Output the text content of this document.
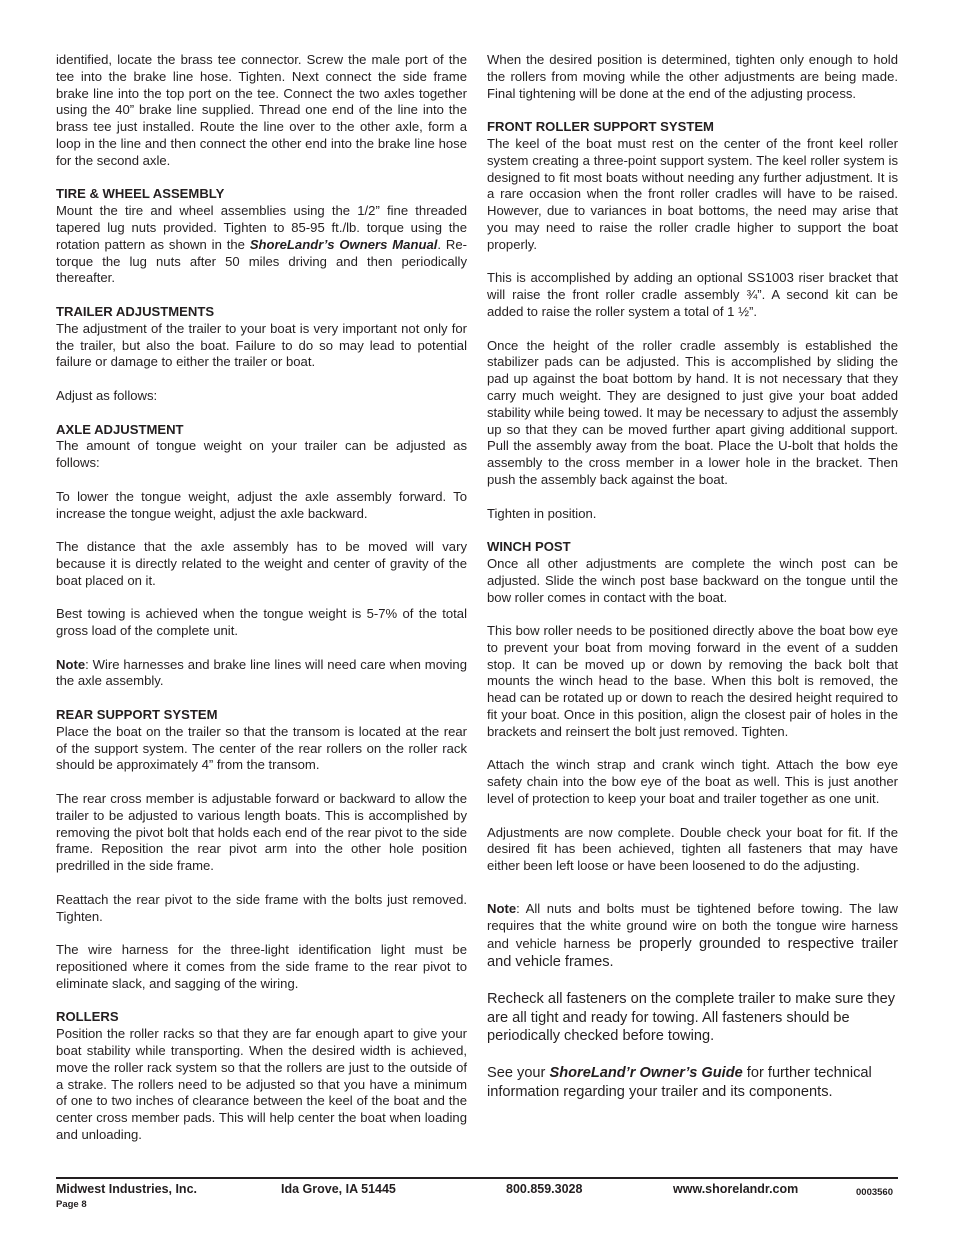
identified, locate the brass tee connector. Screw the male port of the tee into the brake line hose. Tighten. Next connect the side frame brake line into the top port on the tee. Connect the two axles together using the 40” brake line supplied. Thread one end of the line into the brass tee just installed. Route the line over to the other axle, form a loop in the line and then connect the other end into the brake line hose for the second axle.

TIRE & WHEEL ASSEMBLY

Mount the tire and wheel assemblies using the 1/2” fine threaded tapered lug nuts provided. Tighten to 85-95 ft./lb. torque using the rotation pattern as shown in the ShoreLandr’s Owners Manual. Re-torque the lug nuts after 50 miles driving and then periodically thereafter.

TRAILER ADJUSTMENTS

The adjustment of the trailer to your boat is very important not only for the trailer, but also the boat. Failure to do so may lead to potential failure or damage to either the trailer or boat.

Adjust as follows:

AXLE ADJUSTMENT

The amount of tongue weight on your trailer can be adjusted as follows:

To lower the tongue weight, adjust the axle assembly forward. To increase the tongue weight, adjust the axle backward.

The distance that the axle assembly has to be moved will vary because it is directly related to the weight and center of gravity of the boat placed on it.

Best towing is achieved when the tongue weight is 5-7% of the total gross load of the complete unit.

Note: Wire harnesses and brake line lines will need care when moving the axle assembly.

REAR SUPPORT SYSTEM

Place the boat on the trailer so that the transom is located at the rear of the support system. The center of the rear rollers on the roller rack should be approximately 4” from the transom.

The rear cross member is adjustable forward or backward to allow the trailer to be adjusted to various length boats. This is accomplished by removing the pivot bolt that holds each end of the rear pivot to the side frame. Reposition the rear pivot arm into the other hole position predrilled in the side frame.

Reattach the rear pivot to the side frame with the bolts just removed. Tighten.

The wire harness for the three-light identification light must be repositioned where it comes from the side frame to the rear pivot to eliminate slack, and sagging of the wiring.

ROLLERS

Position the roller racks so that they are far enough apart to give your boat stability while transporting. When the desired width is achieved, move the roller rack system so that the rollers are just to the outside of a strake. The rollers need to be adjusted so that you have a minimum of one to two inches of clearance between the keel of the boat and the center cross member pads. This will help center the boat when loading and unloading.

When the desired position is determined, tighten only enough to hold the rollers from moving while the other adjustments are being made. Final tightening will be done at the end of the adjusting process.

FRONT ROLLER SUPPORT SYSTEM

The keel of the boat must rest on the center of the front keel roller system creating a three-point support system. The keel roller system is designed to fit most boats without needing any further adjustment. It is a rare occasion when the front roller cradles will have to be raised. However, due to variances in boat bottoms, the need may arise that you may need to raise the roller cradle higher to support the boat properly.

This is accomplished by adding an optional SS1003 riser bracket that will raise the front roller cradle assembly ¾”. A second kit can be added to raise the roller system a total of 1 ½”.

Once the height of the roller cradle assembly is established the stabilizer pads can be adjusted. This is accomplished by sliding the pad up against the boat bottom by hand. It is not necessary that they carry much weight. They are designed to just give your boat added stability while being towed. It may be necessary to adjust the assembly up so that they can be moved further apart giving additional support. Pull the assembly away from the boat. Place the U-bolt that holds the assembly to the cross member in a lower hole in the bracket. Then push the assembly back against the boat.

Tighten in position.

WINCH POST

Once all other adjustments are complete the winch post can be adjusted. Slide the winch post base backward on the tongue until the bow roller comes in contact with the boat.

This bow roller needs to be positioned directly above the boat bow eye to prevent your boat from moving forward in the event of a sudden stop. It can be moved up or down by removing the back bolt that mounts the winch head to the base. When this bolt is removed, the head can be rotated up or down to reach the desired height required to fit your boat. Once in this position, align the closest pair of holes in the brackets and reinsert the bolt just removed. Tighten.

Attach the winch strap and crank winch tight. Attach the bow eye safety chain into the bow eye of the boat as well. This is just another level of protection to keep your boat and trailer together as one unit.

Adjustments are now complete. Double check your boat for fit. If the desired fit has been achieved, tighten all fasteners that may have either been left loose or have been loosened to do the adjusting.

Note: All nuts and bolts must be tightened before towing. The law requires that the white ground wire on both the tongue wire harness and vehicle harness be properly grounded to respective trailer and vehicle frames.

Recheck all fasteners on the complete trailer to make sure they are all tight and ready for towing. All fasteners should be periodically checked before towing.

See your ShoreLand’r Owner’s Guide for further technical information regarding your trailer and its components.

Midwest Industries, Inc.	Ida Grove, IA 51445	800.859.3028	www.shorelandr.com	0003560
Page 8
